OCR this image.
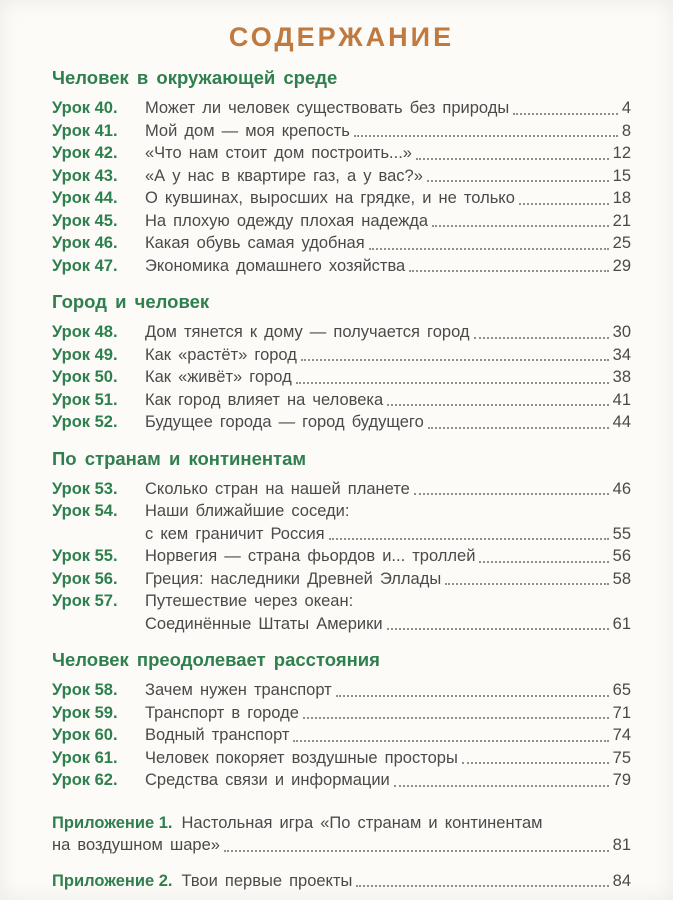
СОДЕРЖАНИЕ
Человек в окружающей среде
Урок 40.	Может ли человек существовать без природы	4
Урок 41.	Мой дом — моя крепость	8
Урок 42.	«Что нам стоит дом построить...»	12
Урок 43.	«А у нас в квартире газ, а у вас?»	15
Урок 44.	О кувшинах, выросших на грядке, и не только	18
Урок 45.	На плохую одежду плохая надежда	21
Урок 46.	Какая обувь самая удобная	25
Урок 47.	Экономика домашнего хозяйства	29
Город и человек
Урок 48.	Дом тянется к дому — получается город	30
Урок 49.	Как «растёт» город	34
Урок 50.	Как «живёт» город	38
Урок 51.	Как город влияет на человека	41
Урок 52.	Будущее города — город будущего	44
По странам и континентам
Урок 53.	Сколько стран на нашей планете	46
Урок 54.	Наши ближайшие соседи:
с кем граничит Россия	55
Урок 55.	Норвегия — страна фьордов и... троллей	56
Урок 56.	Греция: наследники Древней Эллады	58
Урок 57.	Путешествие через океан:
Соединённые Штаты Америки	61
Человек преодолевает расстояния
Урок 58.	Зачем нужен транспорт	65
Урок 59.	Транспорт в городе	71
Урок 60.	Водный транспорт	74
Урок 61.	Человек покоряет воздушные просторы	75
Урок 62.	Средства связи и информации	79
Приложение 1. Настольная игра «По странам и континентам
на воздушном шаре»	81
Приложение 2. Твои первые проекты	84
